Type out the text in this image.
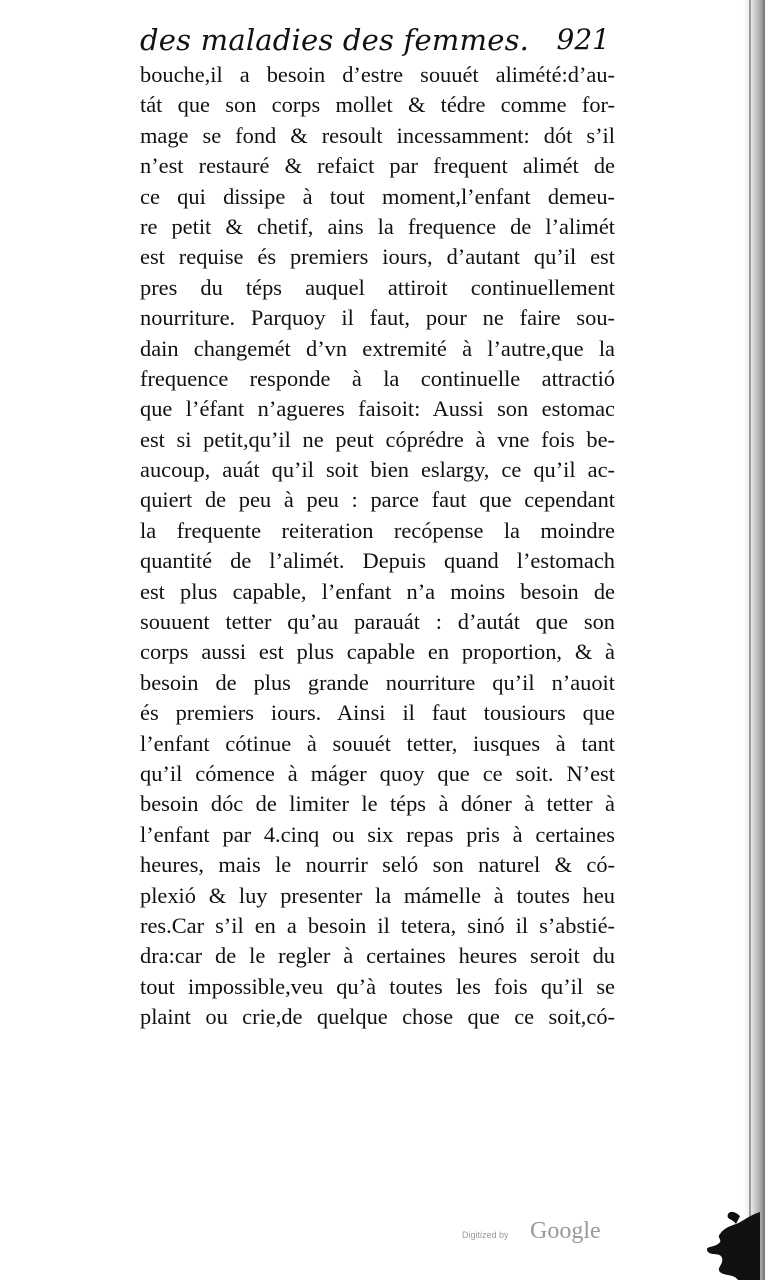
des maladies des femmes. 921
bouche,il a besoin d’estre souuét alimété:d’au-
tát que son corps mollet & tédre comme for-
mage se fond & resoult incessamment: dót s’il
n’est restauré & refaict par frequent alimét de
ce qui dissipe à tout moment,l’enfant demeu-
re petit & chetif, ains la frequence de l’alimét
est requise és premiers iours, d’autant qu’il est
pres du téps auquel attiroit continuellement
nourriture. Parquoy il faut, pour ne faire sou-
dain changemét d’vn extremité à l’autre,que la
frequence responde à la continuelle attractió
que l’éfant n’agueres faisoit: Aussi son estomac
est si petit,qu’il ne peut cóprédre à vne fois be-
aucoup, auát qu’il soit bien eslargy, ce qu’il ac-
quiert de peu à peu : parce faut que cependant
la frequente reiteration recópense la moindre
quantité de l’alimét. Depuis quand l’estomach
est plus capable, l’enfant n’a moins besoin de
souuent tetter qu’au parauát : d’autát que son
corps aussi est plus capable en proportion, & à
besoin de plus grande nourriture qu’il n’auoit
és premiers iours. Ainsi il faut tousiours que
l’enfant cótinue à souuét tetter, iusques à tant
qu’il cómence à máger quoy que ce soit. N’est
besoin dóc de limiter le téps à dóner à tetter à
l’enfant par 4.cinq ou six repas pris à certaines
heures, mais le nourrir seló son naturel & có-
plexió & luy presenter la mámelle à toutes heu
res.Car s’il en a besoin il tetera, sinó il s’abstié-
dra:car de le regler à certaines heures seroit du
tout impossible,veu qu’à toutes les fois qu’il se
plaint ou crie,de quelque chose que ce soit,có-
Digitized by Google
